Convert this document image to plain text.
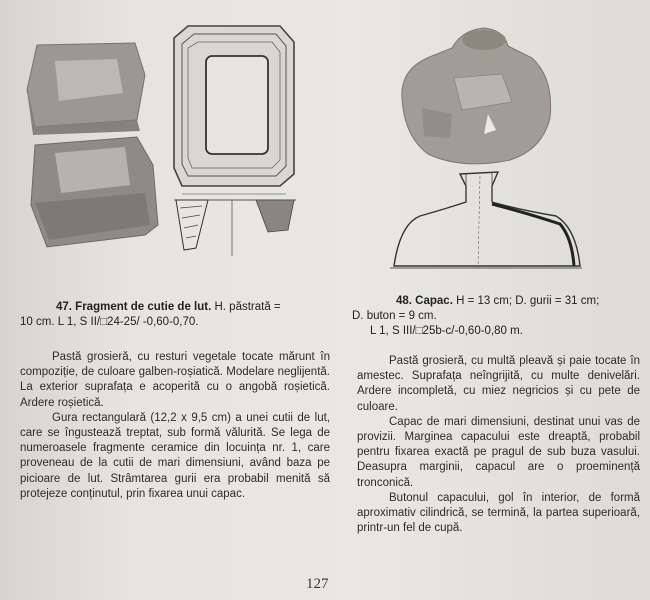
47. Fragment de cutie de lut. H. păstrată =
10 cm. L 1, S II/□24-25/ -0,60-0,70.
48. Capac. H = 13 cm; D. gurii = 31 cm;
D. buton = 9 cm.
L 1, S III/□25b-c/-0,60-0,80 m.

Pastă grosieră, cu resturi vegetale tocate mărunt în compoziție, de culoare galben-roșiatică. Modelare neglijentă. La exterior suprafața e acoperită cu o angobă roșietică. Ardere roșietică.

Gura rectangulară (12,2 x 9,5 cm) a unei cutii de lut, care se îngustează treptat, sub formă vălurită. Se lega de numeroasele fragmente ceramice din locuința nr. 1, care proveneau de la cutii de mari dimensiuni, având baza pe picioare de lut. Strâmtarea gurii era probabil menită să protejeze conținutul, prin fixarea unui capac.

Pastă grosieră, cu multă pleavă și paie tocate în amestec. Suprafața neîngrijită, cu multe denivelări. Ardere incompletă, cu miez negricios și cu pete de culoare.

Capac de mari dimensiuni, destinat unui vas de provizii. Marginea capacului este dreaptă, probabil pentru fixarea exactă pe pragul de sub buza vasului. Deasupra marginii, capacul are o proeminență tronconică.

Butonul capacului, gol în interior, de formă aproximativ cilindrică, se termină, la partea superioară, printr-un fel de cupă.

127
